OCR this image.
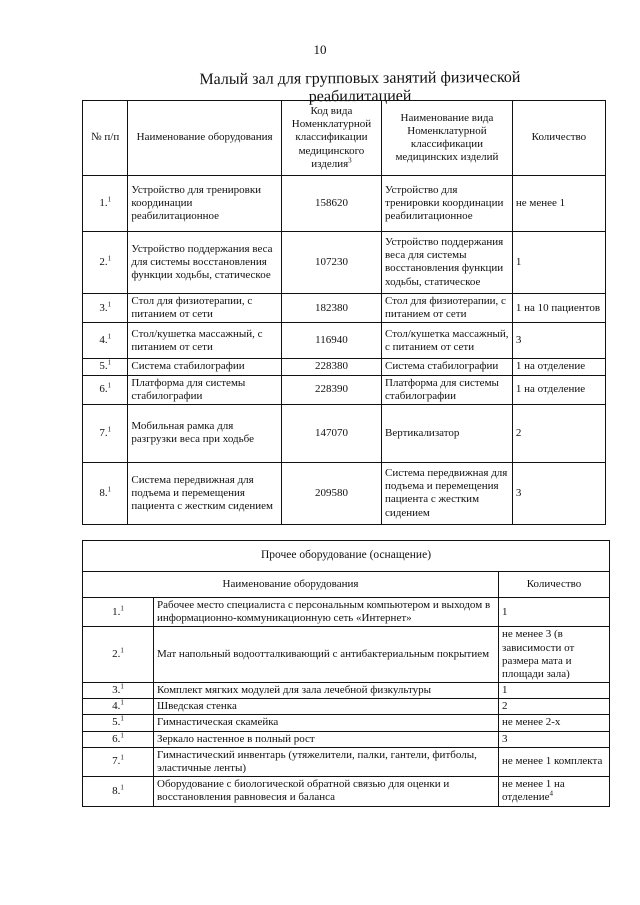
10
Малый зал для групповых занятий физической реабилитацией
№ п/п	Наименование оборудования	Код вида Номенклатурной классификации медицинского изделия$^3$	Наименование вида Номенклатурной классификации медицинских изделий	Количество
1.$^1$	Устройство для тренировки координации реабилитационное	158620	Устройство для тренировки координации реабилитационное	не менее 1
2.$^1$	Устройство поддержания веса для системы восстановления функции ходьбы, статическое	107230	Устройство поддержания веса для системы восстановления функции ходьбы, статическое	1
3.$^1$	Стол для физиотерапии, с питанием от сети	182380	Стол для физиотерапии, с питанием от сети	1 на 10 пациентов
4.$^1$	Стол/кушетка массажный, с питанием от сети	116940	Стол/кушетка массажный, с питанием от сети	3
5.$^1$	Система стабилографии	228380	Система стабилографии	1 на отделение
6.$^1$	Платформа для системы стабилографии	228390	Платформа для системы стабилографии	1 на отделение
7.$^1$	Мобильная рамка для разгрузки веса при ходьбе	147070	Вертикализатор	2
8.$^1$	Система передвижная для подъема и перемещения пациента с жестким сидением	209580	Система передвижная для подъема и перемещения пациента с жестким сидением	3
Прочее оборудование (оснащение)		
Наименование оборудования		Количество
1.$^1$	Рабочее место специалиста с персональным компьютером и выходом в информационно-коммуникационную сеть «Интернет»	1
2.$^1$	Мат напольный водоотталкивающий с антибактериальным покрытием	не менее 3 (в зависимости от размера мата и площади зала)
3.$^1$	Комплект мягких модулей для зала лечебной физкультуры	1
4.$^1$	Шведская стенка	2
5.$^1$	Гимнастическая скамейка	не менее 2-х
6.$^1$	Зеркало настенное в полный рост	3
7.$^1$	Гимнастический инвентарь (утяжелители, палки, гантели, фитболы, эластичные ленты)	не менее 1 комплекта
8.$^1$	Оборудование с биологической обратной связью для оценки и восстановления равновесия и баланса	не менее 1 на отделение$^4$
